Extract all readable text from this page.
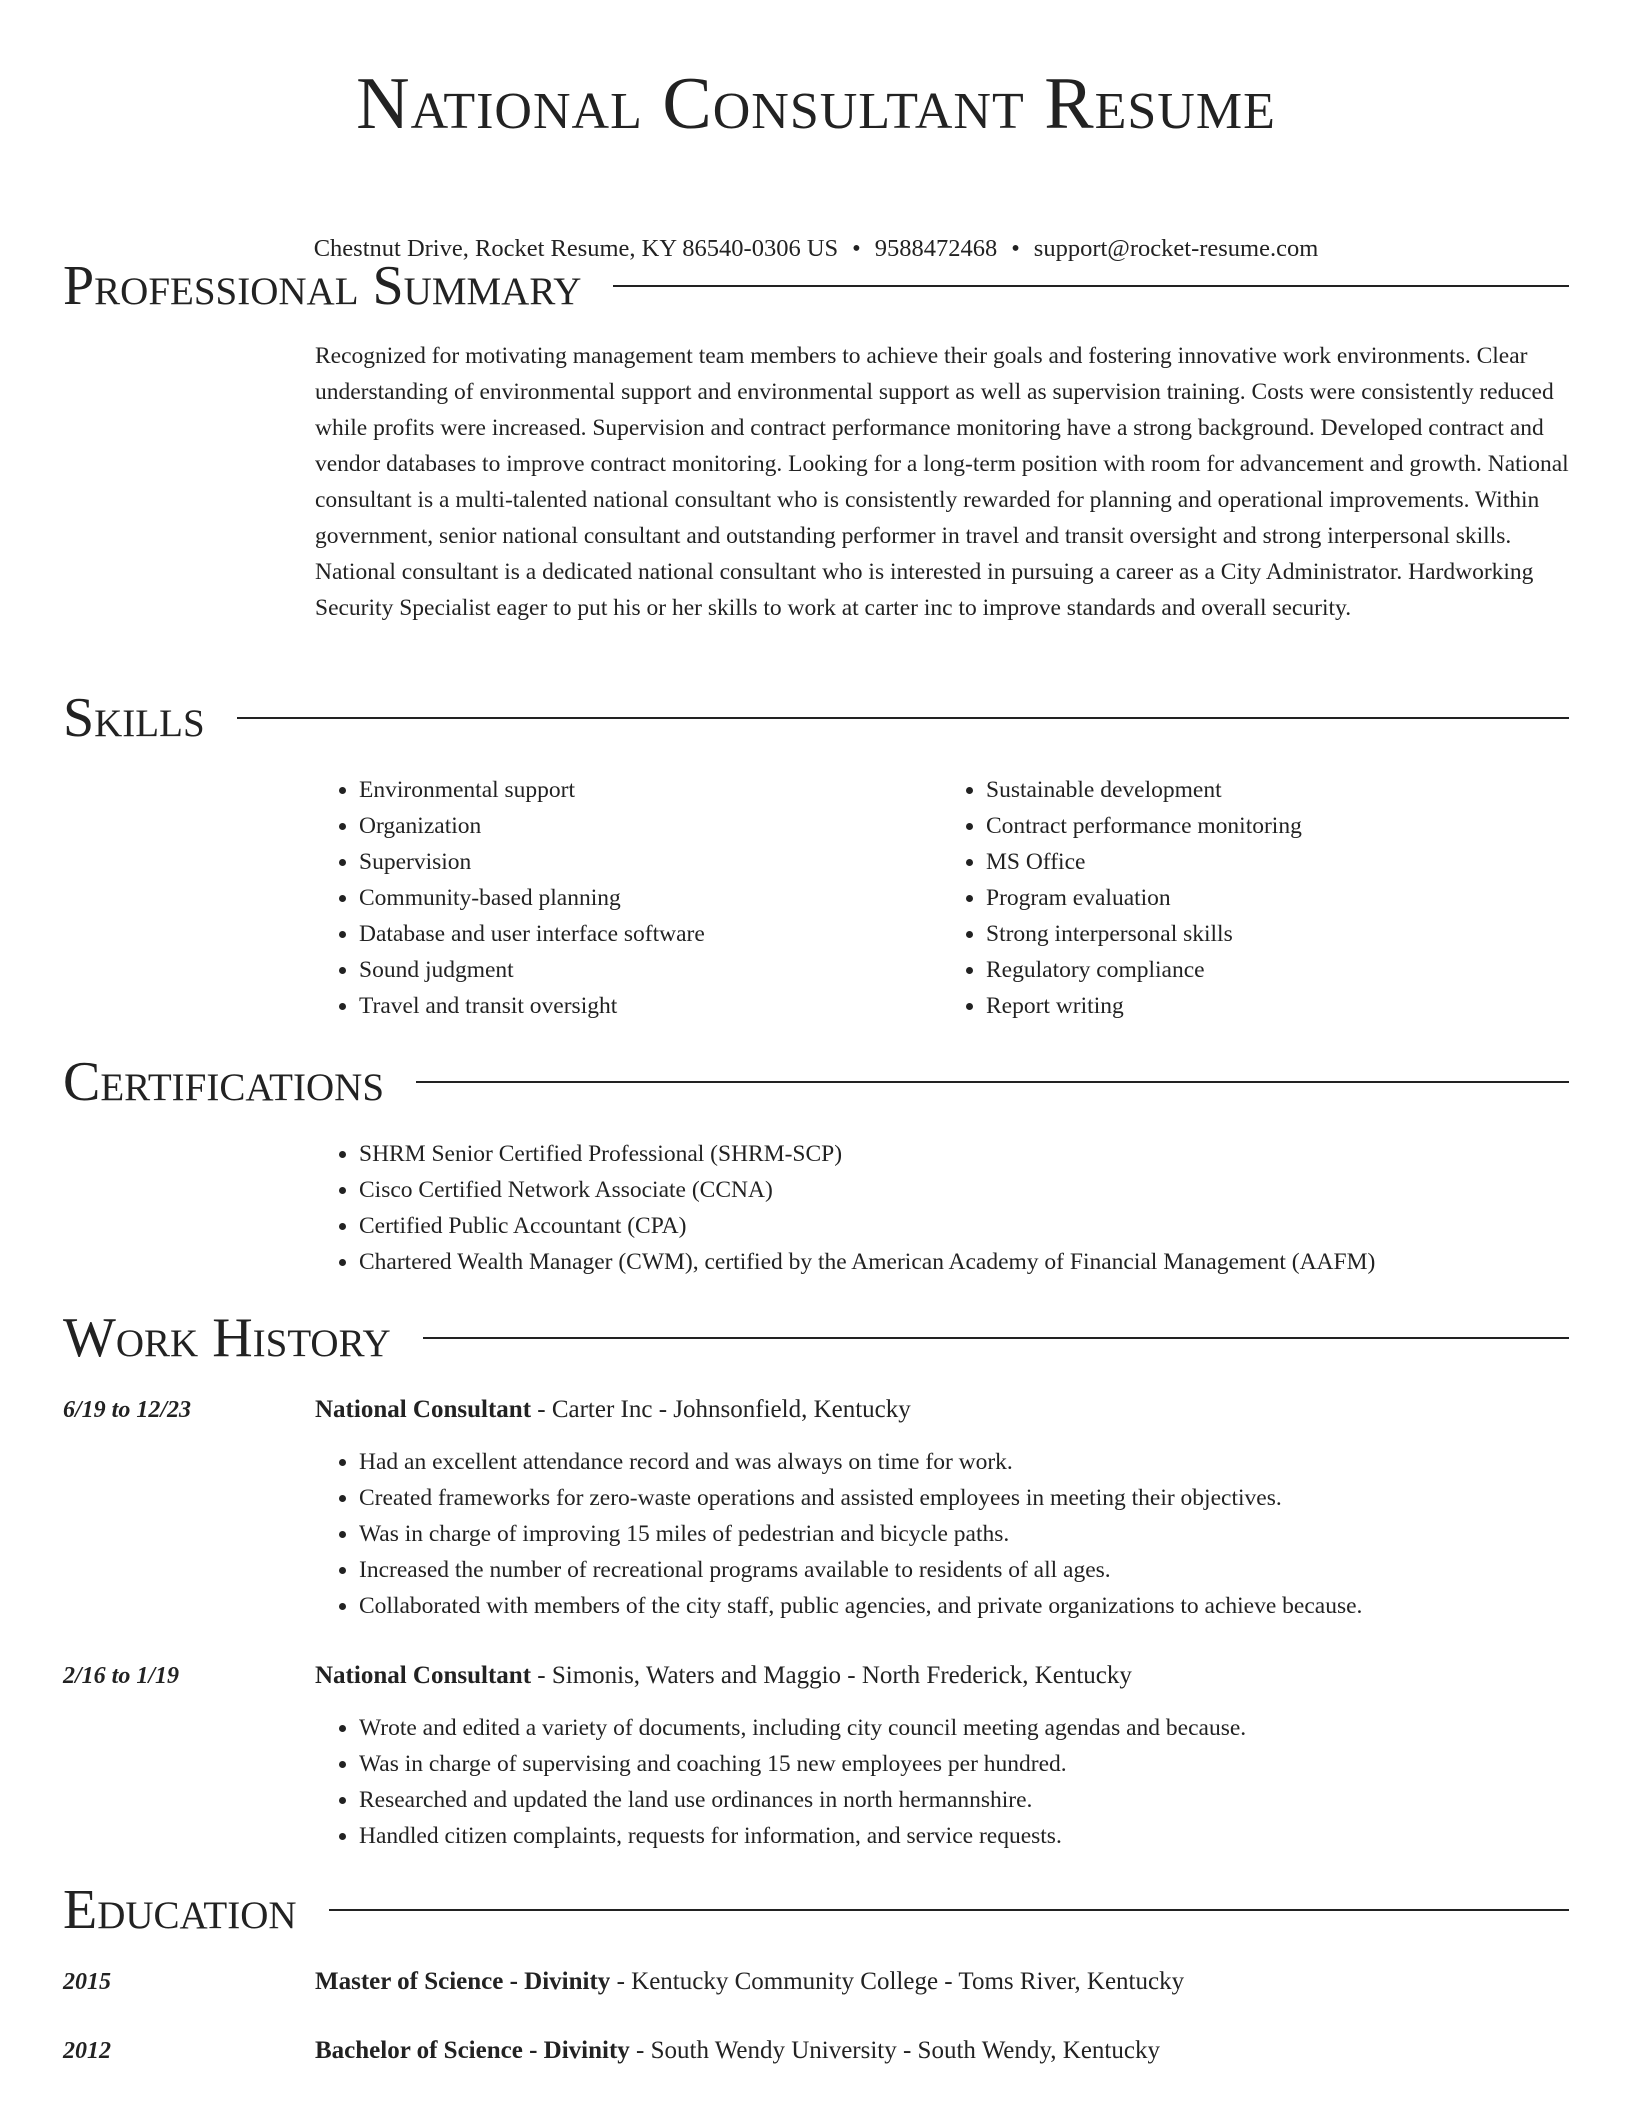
National Consultant Resume
Chestnut Drive, Rocket Resume, KY 86540-0306 US • 9588472468 • support@rocket-resume.com
Professional Summary
Recognized for motivating management team members to achieve their goals and fostering innovative work environments. Clear understanding of environmental support and environmental support as well as supervision training. Costs were consistently reduced while profits were increased. Supervision and contract performance monitoring have a strong background. Developed contract and vendor databases to improve contract monitoring. Looking for a long-term position with room for advancement and growth. National consultant is a multi-talented national consultant who is consistently rewarded for planning and operational improvements. Within government, senior national consultant and outstanding performer in travel and transit oversight and strong interpersonal skills. National consultant is a dedicated national consultant who is interested in pursuing a career as a City Administrator. Hardworking Security Specialist eager to put his or her skills to work at carter inc to improve standards and overall security.
Skills
• Environmental support
• Organization
• Supervision
• Community-based planning
• Database and user interface software
• Sound judgment
• Travel and transit oversight
• Sustainable development
• Contract performance monitoring
• MS Office
• Program evaluation
• Strong interpersonal skills
• Regulatory compliance
• Report writing
Certifications
• SHRM Senior Certified Professional (SHRM-SCP)
• Cisco Certified Network Associate (CCNA)
• Certified Public Accountant (CPA)
• Chartered Wealth Manager (CWM), certified by the American Academy of Financial Management (AAFM)
Work History
6/19 to 12/23	National Consultant - Carter Inc - Johnsonfield, Kentucky
• Had an excellent attendance record and was always on time for work.
• Created frameworks for zero-waste operations and assisted employees in meeting their objectives.
• Was in charge of improving 15 miles of pedestrian and bicycle paths.
• Increased the number of recreational programs available to residents of all ages.
• Collaborated with members of the city staff, public agencies, and private organizations to achieve because.
2/16 to 1/19	National Consultant - Simonis, Waters and Maggio - North Frederick, Kentucky
• Wrote and edited a variety of documents, including city council meeting agendas and because.
• Was in charge of supervising and coaching 15 new employees per hundred.
• Researched and updated the land use ordinances in north hermannshire.
• Handled citizen complaints, requests for information, and service requests.
Education
2015	Master of Science - Divinity - Kentucky Community College - Toms River, Kentucky
2012	Bachelor of Science - Divinity - South Wendy University - South Wendy, Kentucky
